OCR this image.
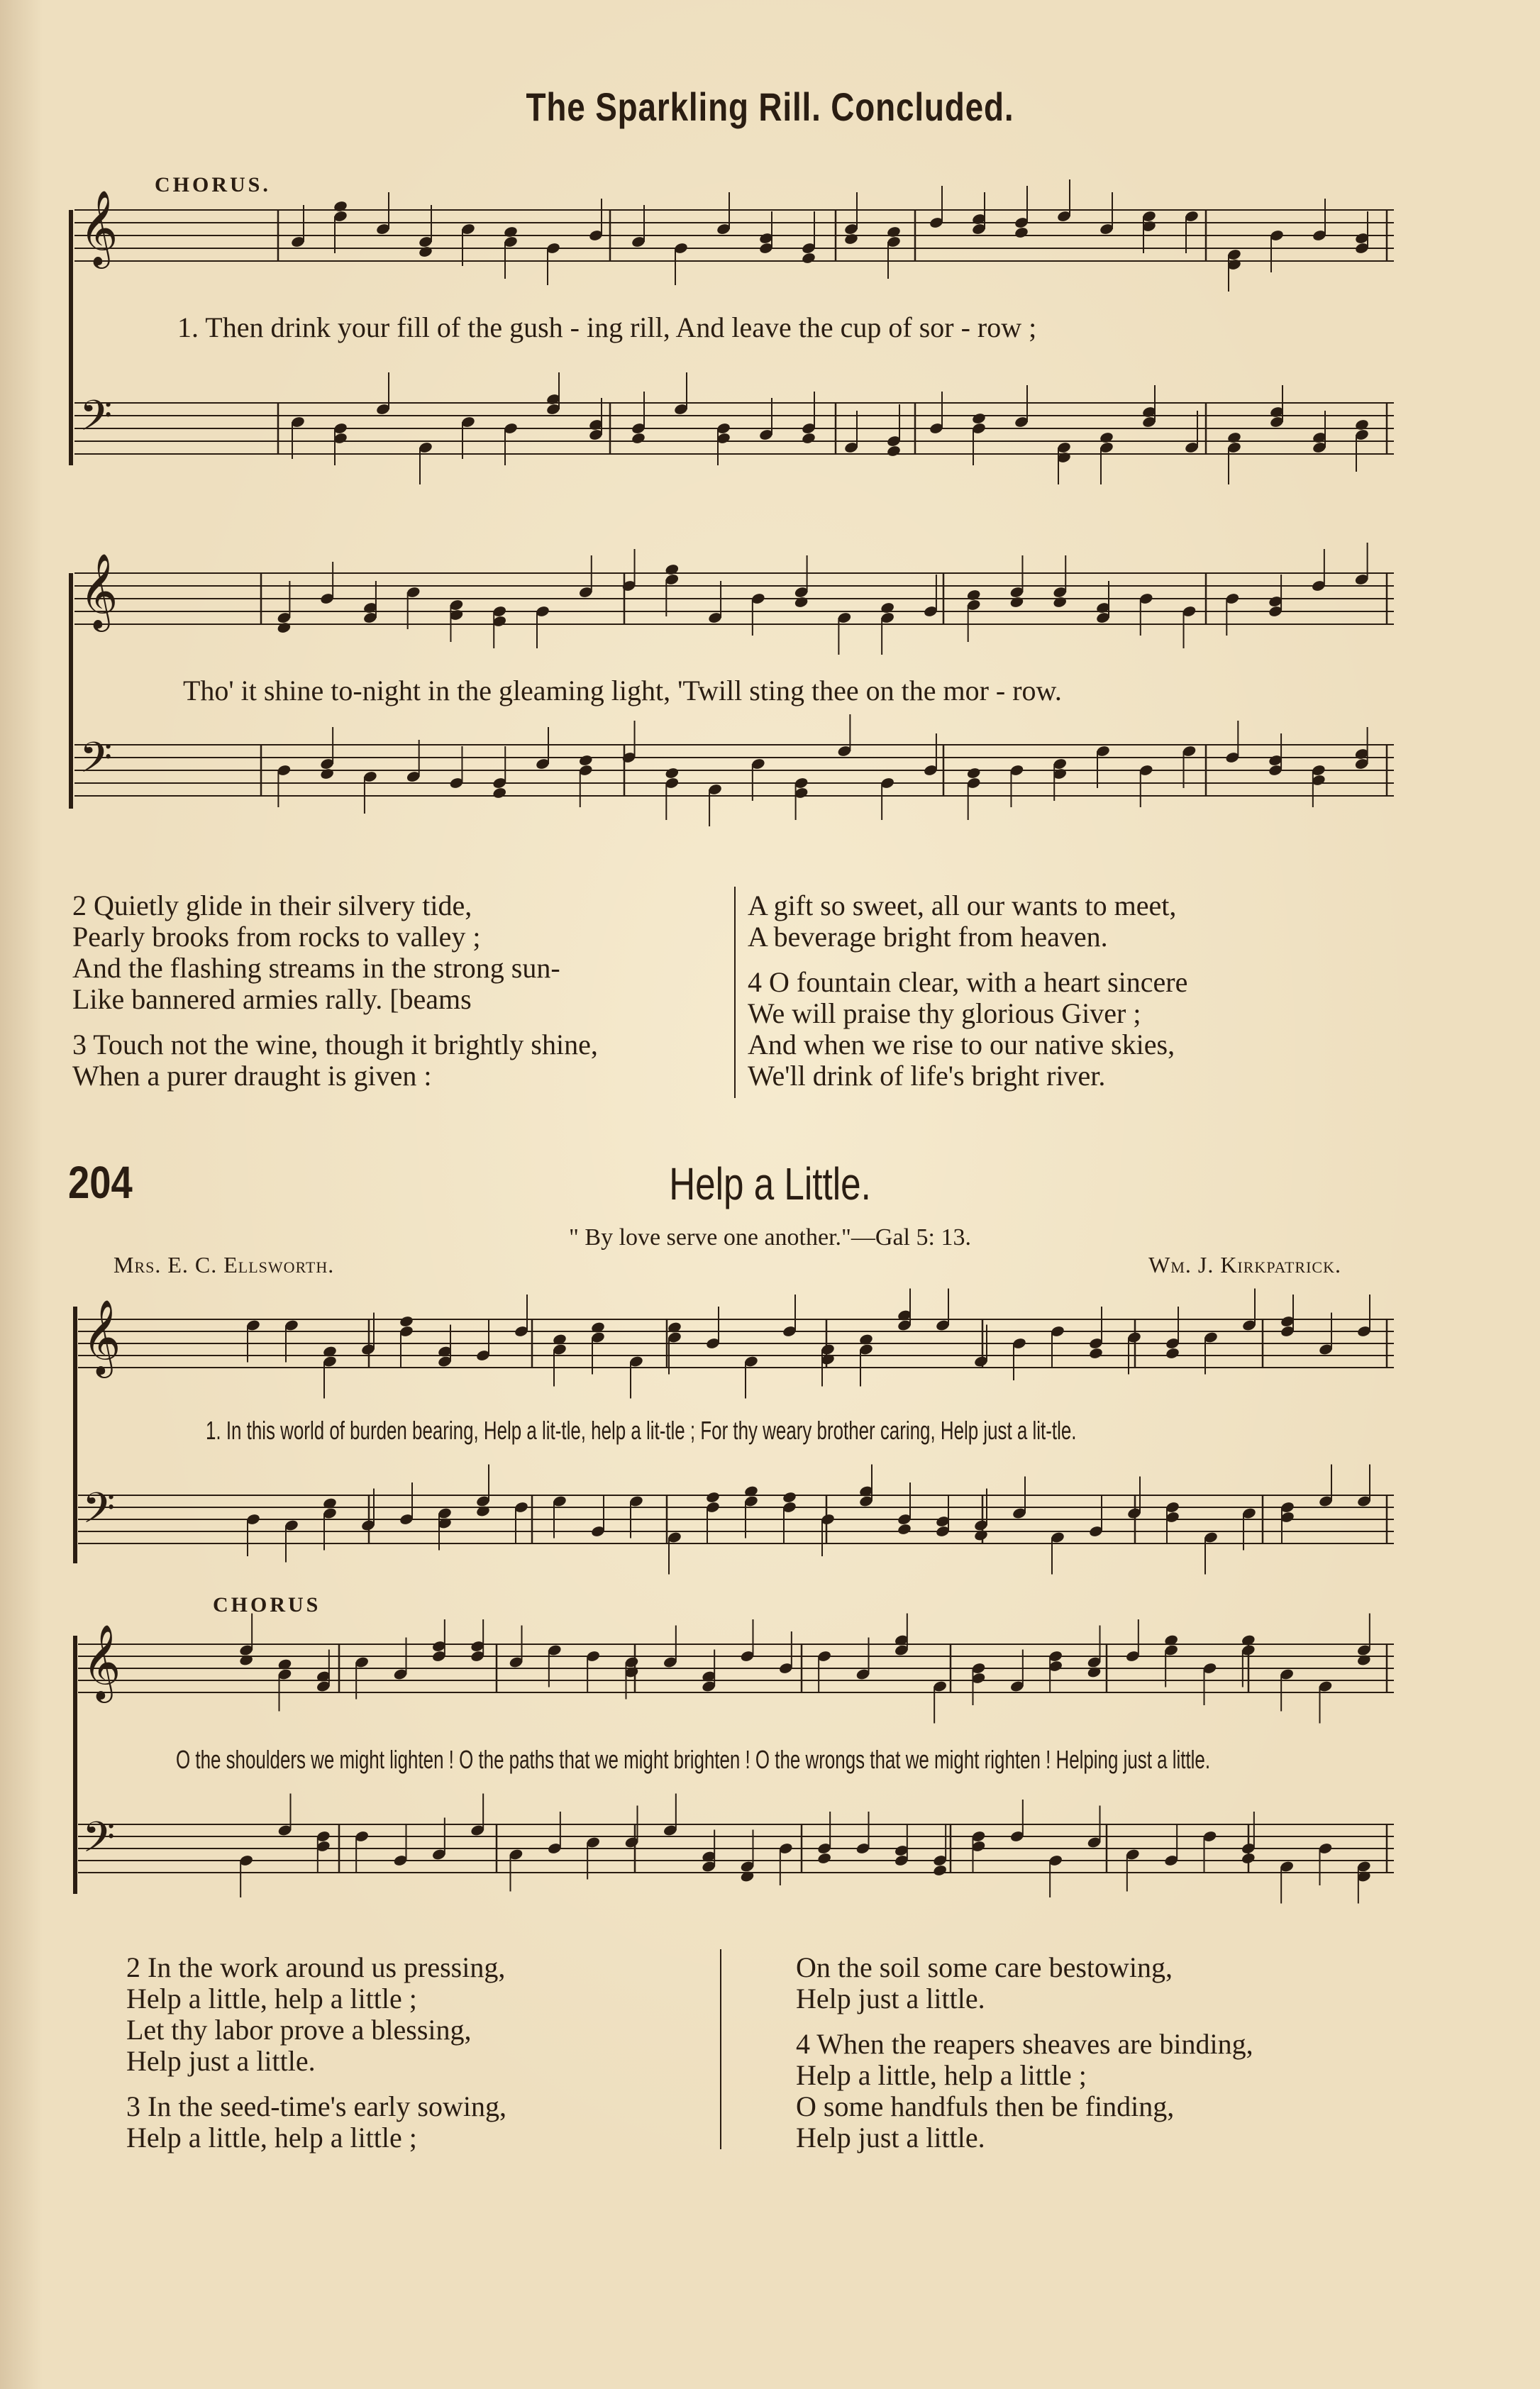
The Sparkling Rill. Concluded.
𝄞
𝄢
𝄞
𝄢
𝄞
𝄢
𝄞
𝄢
CHORUS.
1. Then drink your fill of the gush - ing rill, And leave the cup of sor - row ;
Tho' it shine to-night in the gleaming light, 'Twill sting thee on the mor - row.
2 Quietly glide in their silvery tide,
Pearly brooks from rocks to valley ;
And the flashing streams in the strong sun-
Like bannered armies rally. [beams
3 Touch not the wine, though it brightly shine,
When a purer draught is given :
A gift so sweet, all our wants to meet,
A beverage bright from heaven.
4 O fountain clear, with a heart sincere
We will praise thy glorious Giver ;
And when we rise to our native skies,
We'll drink of life's bright river.
204	Help a Little.
" By love serve one another."—Gal 5: 13.
Mrs. E. C. Ellsworth.	Wm. J. Kirkpatrick.
1. In this world of burden bearing, Help a lit-tle, help a lit-tle ; For thy weary brother caring, Help just a lit-tle.
CHORUS
O the shoulders we might lighten ! O the paths that we might brighten ! O the wrongs that we might righten ! Helping just a little.
2 In the work around us pressing,
Help a little, help a little ;
Let thy labor prove a blessing,
Help just a little.
3 In the seed-time's early sowing,
Help a little, help a little ;
On the soil some care bestowing,
Help just a little.
4 When the reapers sheaves are binding,
Help a little, help a little ;
O some handfuls then be finding,
Help just a little.
